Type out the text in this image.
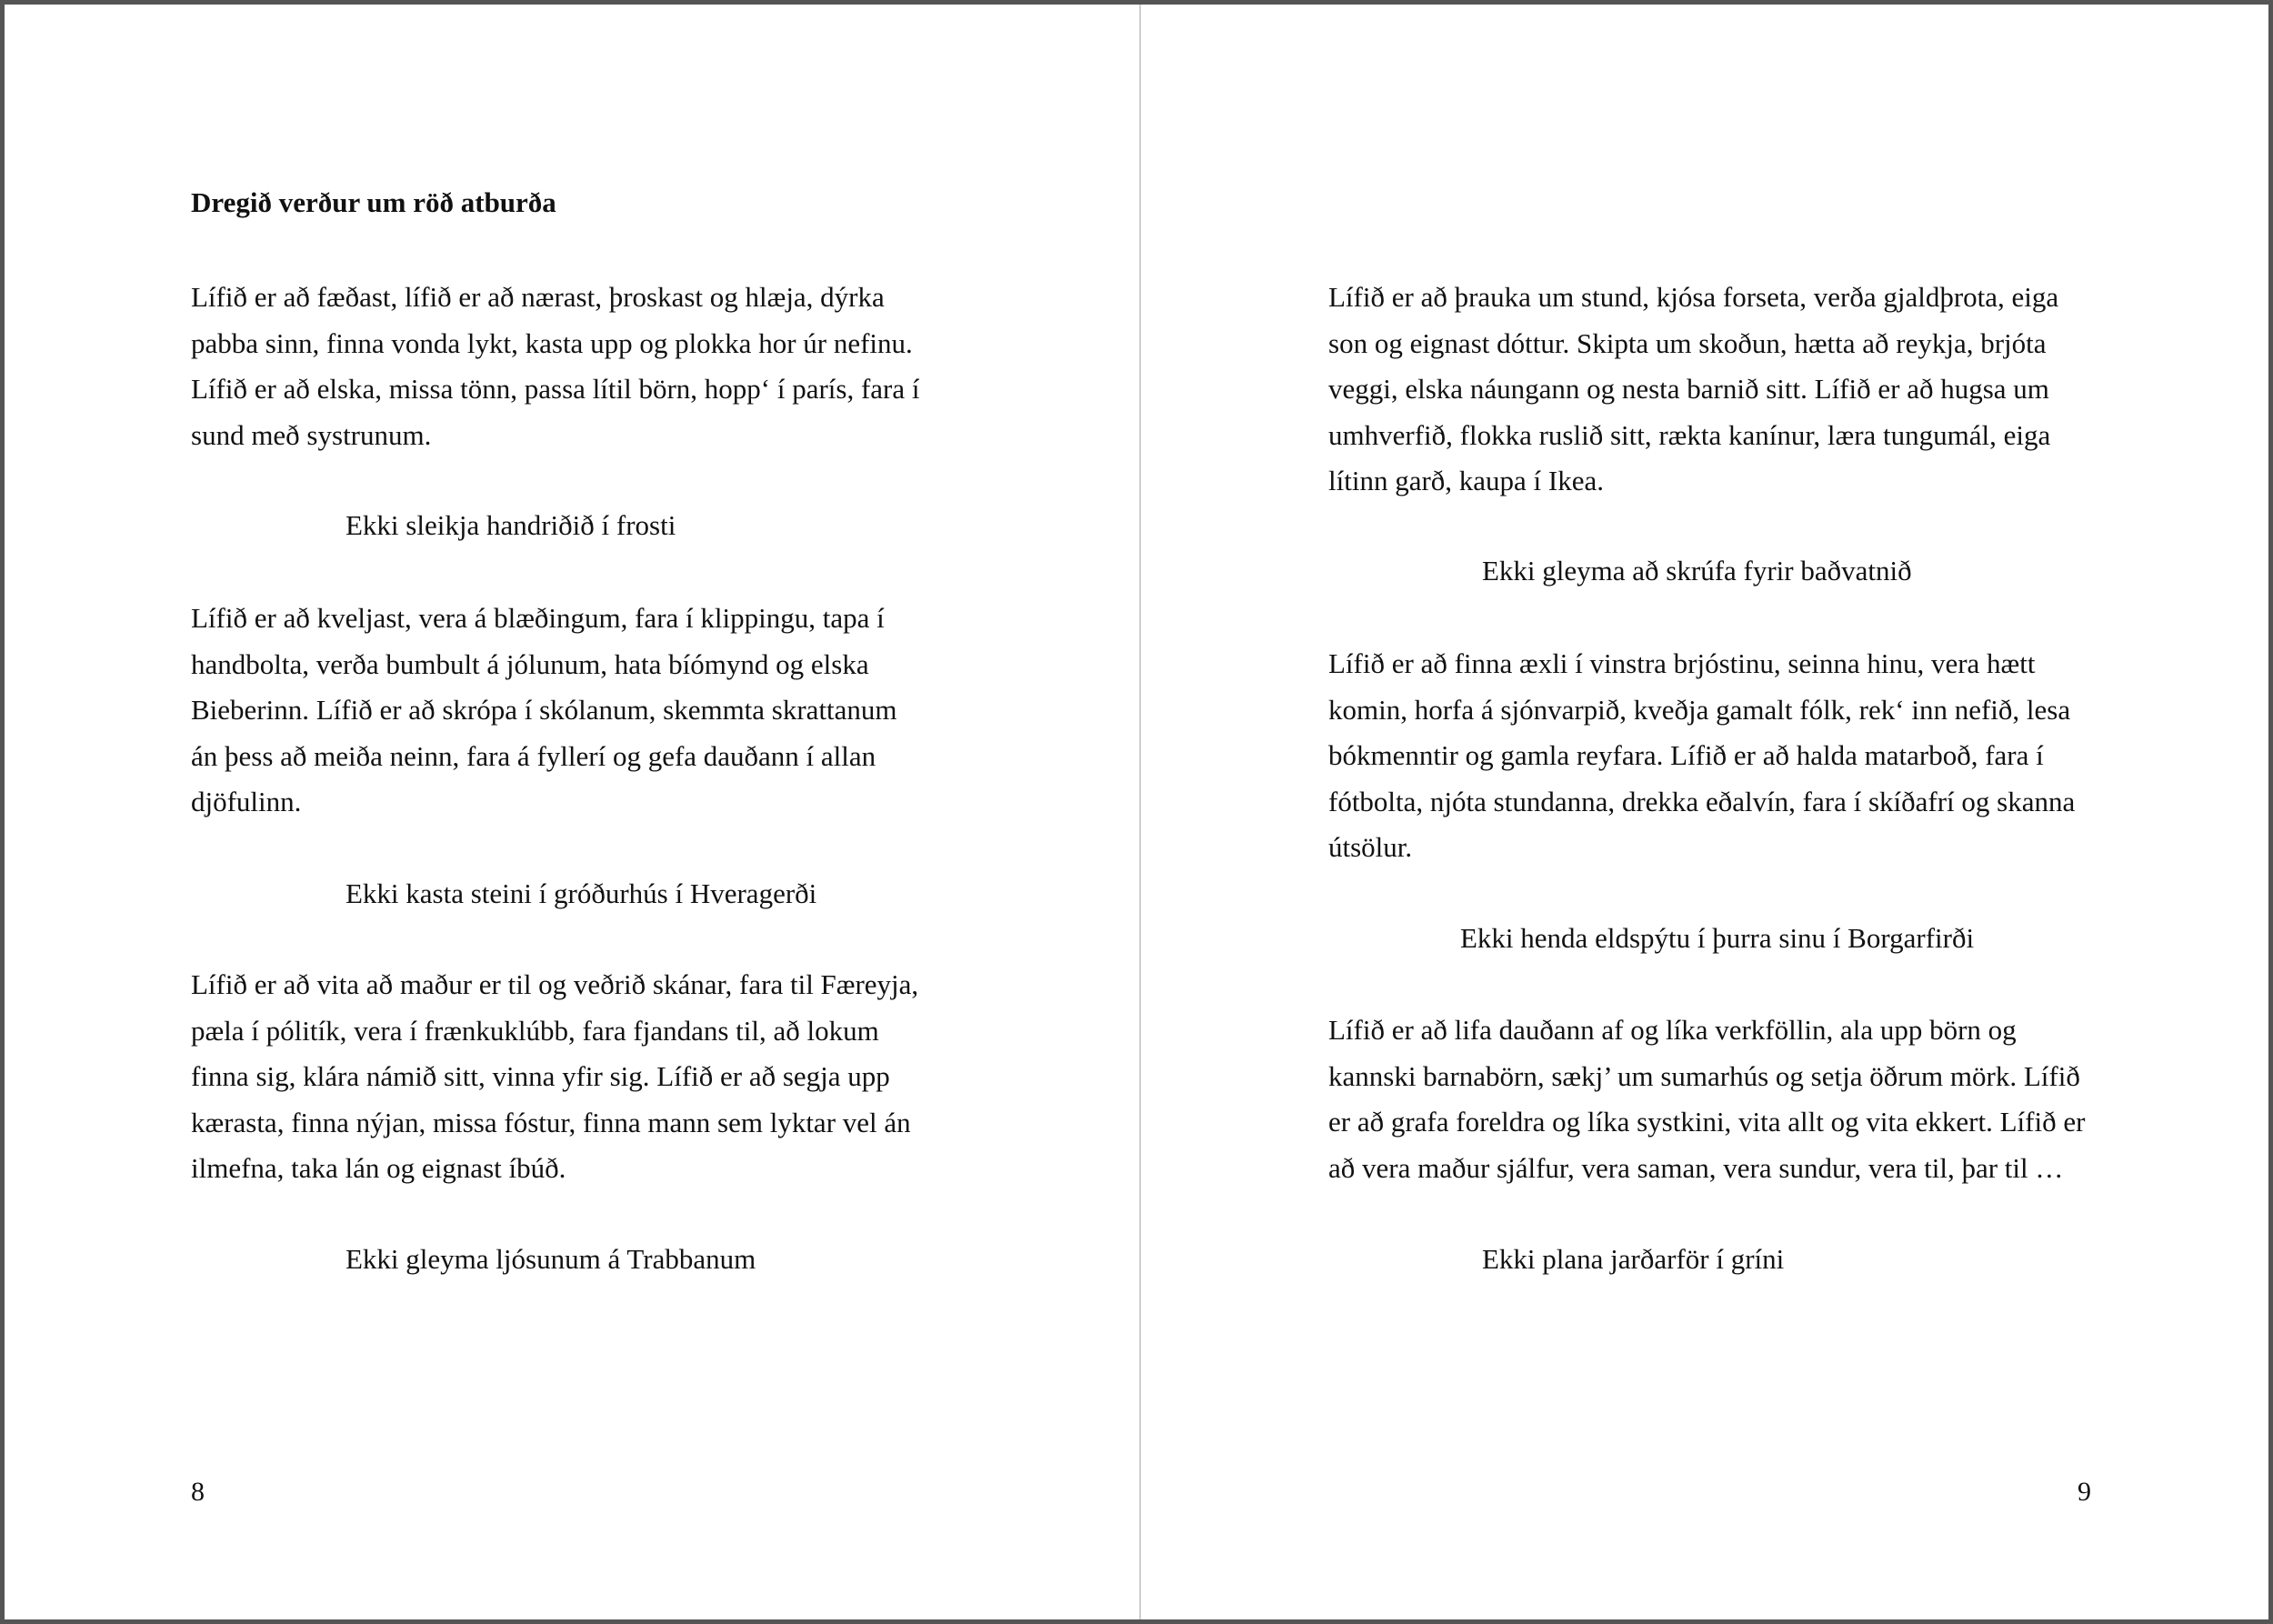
Dregið verður um röð atburða
Lífið er að fæðast, lífið er að nærast, þroskast og hlæja, dýrka
pabba sinn, finna vonda lykt, kasta upp og plokka hor úr nefinu.
Lífið er að elska, missa tönn, passa lítil börn, hopp‘ í parís, fara í
sund með systrunum.
Ekki sleikja handriðið í frosti
Lífið er að kveljast, vera á blæðingum, fara í klippingu, tapa í
handbolta, verða bumbult á jólunum, hata bíómynd og elska
Bieberinn. Lífið er að skrópa í skólanum, skemmta skrattanum
án þess að meiða neinn, fara á fyllerí og gefa dauðann í allan
djöfulinn.
Ekki kasta steini í gróðurhús í Hveragerði
Lífið er að vita að maður er til og veðrið skánar, fara til Færeyja,
pæla í pólitík, vera í frænkuklúbb, fara fjandans til, að lokum
finna sig, klára námið sitt, vinna yfir sig. Lífið er að segja upp
kærasta, finna nýjan, missa fóstur, finna mann sem lyktar vel án
ilmefna, taka lán og eignast íbúð.
Ekki gleyma ljósunum á Trabbanum
8
Lífið er að þrauka um stund, kjósa forseta, verða gjaldþrota, eiga
son og eignast dóttur. Skipta um skoðun, hætta að reykja, brjóta
veggi, elska náungann og nesta barnið sitt. Lífið er að hugsa um
umhverfið, flokka ruslið sitt, rækta kanínur, læra tungumál, eiga
lítinn garð, kaupa í Ikea.
Ekki gleyma að skrúfa fyrir baðvatnið
Lífið er að finna æxli í vinstra brjóstinu, seinna hinu, vera hætt
komin, horfa á sjónvarpið, kveðja gamalt fólk, rek‘ inn nefið, lesa
bókmenntir og gamla reyfara. Lífið er að halda matarboð, fara í
fótbolta, njóta stundanna, drekka eðalvín, fara í skíðafrí og skanna
útsölur.
Ekki henda eldspýtu í þurra sinu í Borgarfirði
Lífið er að lifa dauðann af og líka verkföllin, ala upp börn og
kannski barnabörn, sækj’ um sumarhús og setja öðrum mörk. Lífið
er að grafa foreldra og líka systkini, vita allt og vita ekkert. Lífið er
að vera maður sjálfur, vera saman, vera sundur, vera til, þar til …
Ekki plana jarðarför í gríni
9
